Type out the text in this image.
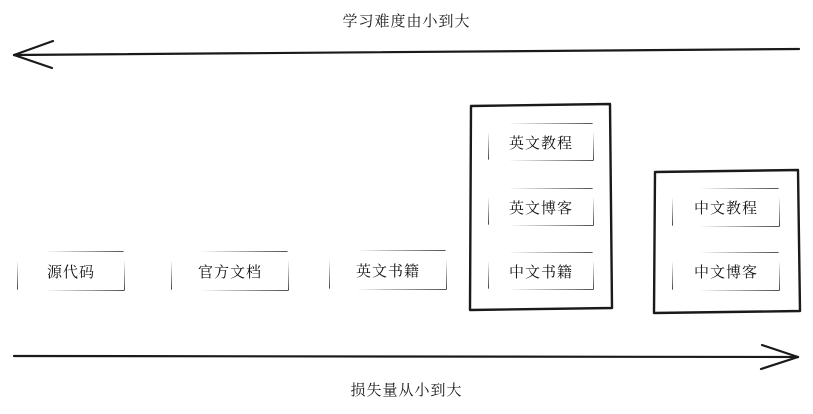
学习难度由小到大
损失量从小到大
源代码	官方文档	英文书籍
英文教程
英文博客
中文书籍
中文教程
中文博客
